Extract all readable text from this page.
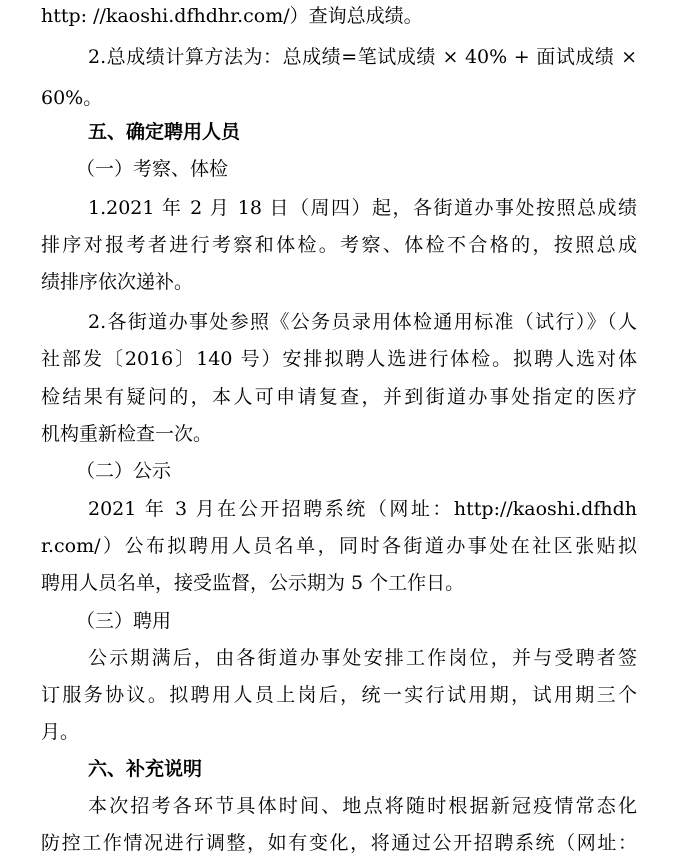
http: //kaoshi.dfhdhr.com/）查询总成绩。
2.总成绩计算方法为：总成绩=笔试成绩 × 40% + 面试成绩 ×
60%。
五、确定聘用人员
（一）考察、体检
1.2021 年 2 月 18 日（周四）起，各街道办事处按照总成绩
排序对报考者进行考察和体检。考察、体检不合格的，按照总成
绩排序依次递补。
2.各街道办事处参照《公务员录用体检通用标准（试行）》（人
社部发〔2016〕140 号）安排拟聘人选进行体检。拟聘人选对体
检结果有疑问的，本人可申请复查，并到街道办事处指定的医疗
机构重新检查一次。
（二）公示
2021 年 3 月在公开招聘系统（网址：http://kaoshi.dfhdh
r.com/）公布拟聘用人员名单，同时各街道办事处在社区张贴拟
聘用人员名单，接受监督，公示期为 5 个工作日。
（三）聘用
公示期满后，由各街道办事处安排工作岗位，并与受聘者签
订服务协议。拟聘用人员上岗后，统一实行试用期，试用期三个
月。
六、补充说明
本次招考各环节具体时间、地点将随时根据新冠疫情常态化
防控工作情况进行调整，如有变化，将通过公开招聘系统（网址：
